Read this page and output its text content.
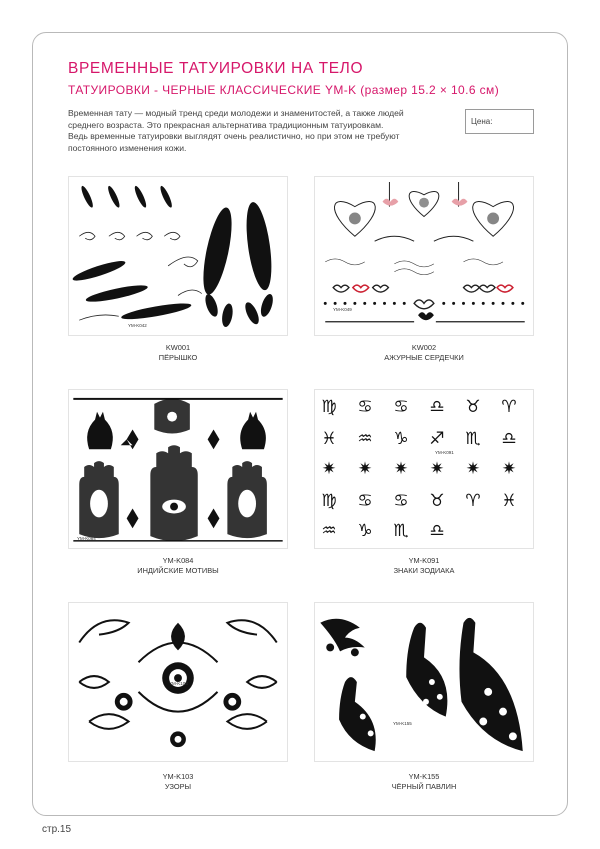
ВРЕМЕННЫЕ ТАТУИРОВКИ НА ТЕЛО
ТАТУИРОВКИ - ЧЕРНЫЕ КЛАССИЧЕСКИЕ YM-K (размер 15.2 × 10.6 см)
Временная тату — модный тренд среди молодежи и знаменитостей, а также людей
среднего возраста. Это прекрасная альтернатива традиционным татуировкам.
Ведь временные татуировки выглядят очень реалистично, но при этом не требуют
постоянного изменения кожи.
Цена:
YM-K042
KW001
ПЁРЫШКО
YM-K049
KW002
АЖУРНЫЕ СЕРДЕЧКИ
YM-K084
YM-K084
ИНДИЙСКИЕ МОТИВЫ
♍ ♋ ♋ ♎ ♉ ♈
♓ ♒ ♑ ♐ ♏ ♎
✷ ✷ ✷ ✷ ✷ ✷
♍ ♋ ♋ ♉ ♈ ♓
♒ ♑ ♏ ♎
YM-K091
YM-K091
ЗНАКИ ЗОДИАКА
YM-K103
YM-K103
УЗОРЫ
YM-K155
YM-K155
ЧЁРНЫЙ ПАВЛИН
стр.15
